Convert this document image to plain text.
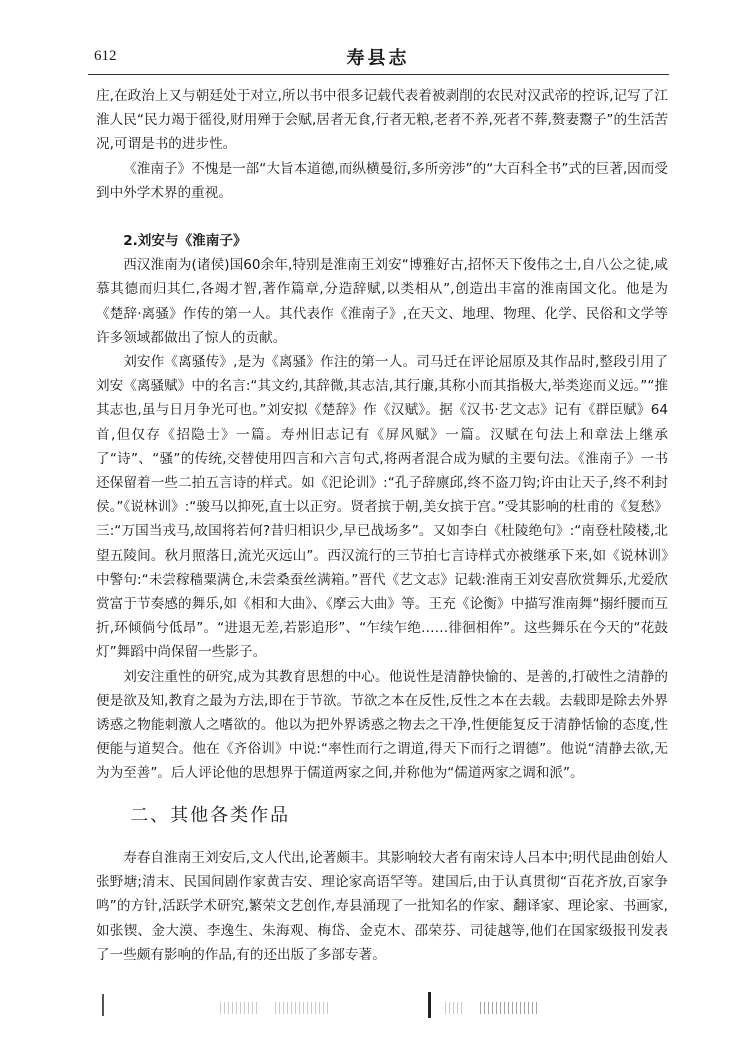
612	寿县志

庄,在政治上又与朝廷处于对立,所以书中很多记载代表着被剥削的农民对汉武帝的控诉,记写了江淮人民“民力竭于徭役,财用殚于会赋,居者无食,行者无粮,老者不养,死者不葬,赘妻鬻子”的生活苦况,可谓是书的进步性。

《淮南子》不愧是一部“大旨本道德,而纵横曼衍,多所旁涉”的“大百科全书”式的巨著,因而受到中外学术界的重视。

2.刘安与《淮南子》

西汉淮南为(诸侯)国60余年,特别是淮南王刘安“博雅好古,招怀天下俊伟之士,自八公之徒,咸慕其德而归其仁,各竭才智,著作篇章,分造辞赋,以类相从”,创造出丰富的淮南国文化。他是为《楚辞·离骚》作传的第一人。其代表作《淮南子》,在天文、地理、物理、化学、民俗和文学等许多领域都做出了惊人的贡献。

刘安作《离骚传》,是为《离骚》作注的第一人。司马迁在评论屈原及其作品时,整段引用了刘安《离骚赋》中的名言:“其文约,其辞微,其志洁,其行廉,其称小而其指极大,举类迩而义远。”“推其志也,虽与日月争光可也。”刘安拟《楚辞》作《汉赋》。据《汉书·艺文志》记有《群臣赋》64首,但仅存《招隐士》一篇。寿州旧志记有《屏风赋》一篇。汉赋在句法上和章法上继承了“诗”、“骚”的传统,交替使用四言和六言句式,将两者混合成为赋的主要句法。《淮南子》一书还保留着一些二拍五言诗的样式。如《汜论训》:“孔子辞廪邱,终不盗刀钩;许由让天子,终不利封侯。”《说林训》:“骏马以抑死,直士以正穷。贤者摈于朝,美女摈于宫。”受其影响的杜甫的《复愁》三:“万国当戎马,故国将若何?昔归相识少,早已战场多”。又如李白《杜陵绝句》:“南登杜陵楼,北望五陵间。秋月照落日,流光灭远山”。西汉流行的三节拍七言诗样式亦被继承下来,如《说林训》中警句:“未尝稼穑粟满仓,未尝桑蚕丝满箱。”晋代《艺文志》记载:淮南王刘安喜欣赏舞乐,尤爱欣赏富于节奏感的舞乐,如《相和大曲》、《摩云大曲》等。王充《论衡》中描写淮南舞“搦纤腰而互折,环倾倘兮低昂”。“进退无差,若影追形”、“乍续乍绝……徘徊相侔”。这些舞乐在今天的“花鼓灯”舞蹈中尚保留一些影子。

刘安注重性的研究,成为其教育思想的中心。他说性是清静快愉的、是善的,打破性之清静的便是欲及知,教育之最为方法,即在于节欲。节欲之本在反性,反性之本在去载。去载即是除去外界诱惑之物能刺激人之嗜欲的。他以为把外界诱惑之物去之干净,性便能复反于清静恬愉的态度,性便能与道契合。他在《齐俗训》中说:“率性而行之谓道,得天下而行之谓德”。他说“清静去欲,无为为至善”。后人评论他的思想界于儒道两家之间,并称他为“儒道两家之调和派”。

二、其他各类作品

寿春自淮南王刘安后,文人代出,论著颇丰。其影响较大者有南宋诗人吕本中;明代昆曲创始人张野塘;清末、民国间剧作家黄吉安、理论家高语罕等。建国后,由于认真贯彻“百花齐放,百家争鸣”的方针,活跃学术研究,繁荣文艺创作,寿县涌现了一批知名的作家、翻译家、理论家、书画家,如张锲、金大漠、李逸生、朱海观、梅岱、金克木、邵荣芬、司徒越等,他们在国家级报刊发表了一些颇有影响的作品,有的还出版了多部专著。
